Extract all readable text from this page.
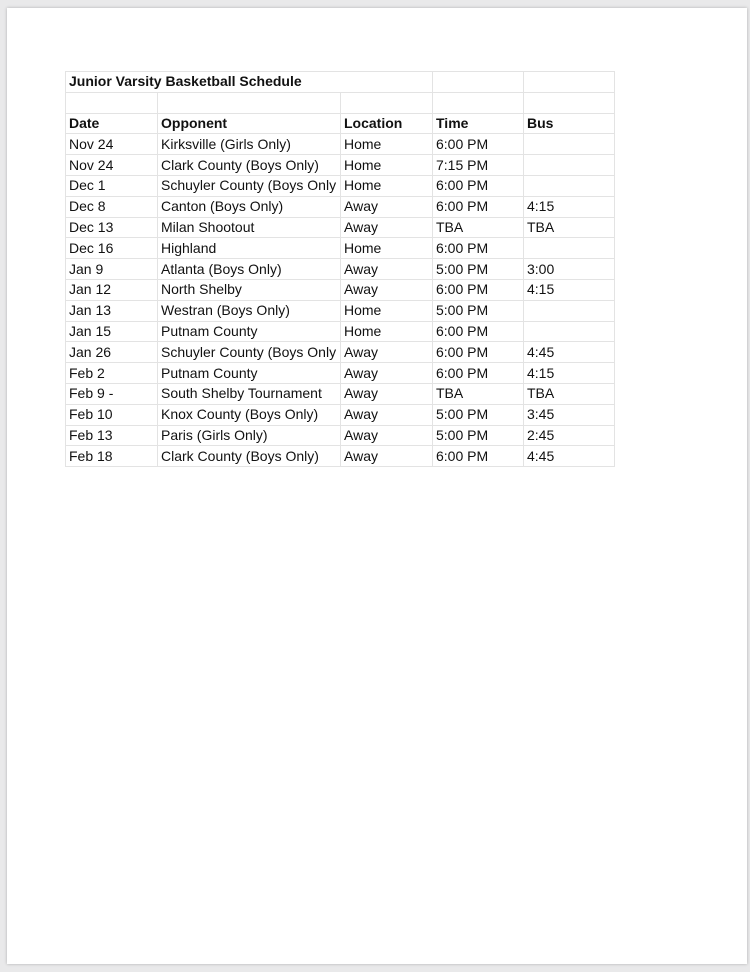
Junior Varsity Basketball Schedule				

Date	Opponent	Location	Time	Bus
Nov 24	Kirksville (Girls Only)	Home	6:00 PM	
Nov 24	Clark County (Boys Only)	Home	7:15 PM	
Dec 1	Schuyler County (Boys Only	Home	6:00 PM	
Dec 8	Canton (Boys Only)	Away	6:00 PM	4:15
Dec 13	Milan Shootout	Away	TBA	TBA
Dec 16	Highland	Home	6:00 PM	
Jan 9	Atlanta (Boys Only)	Away	5:00 PM	3:00
Jan 12	North Shelby	Away	6:00 PM	4:15
Jan 13	Westran (Boys Only)	Home	5:00 PM	
Jan 15	Putnam County	Home	6:00 PM	
Jan 26	Schuyler County (Boys Only	Away	6:00 PM	4:45
Feb 2	Putnam County	Away	6:00 PM	4:15
Feb 9 -	South Shelby Tournament	Away	TBA	TBA
Feb 10	Knox County (Boys Only)	Away	5:00 PM	3:45
Feb 13	Paris (Girls Only)	Away	5:00 PM	2:45
Feb 18	Clark County (Boys Only)	Away	6:00 PM	4:45
